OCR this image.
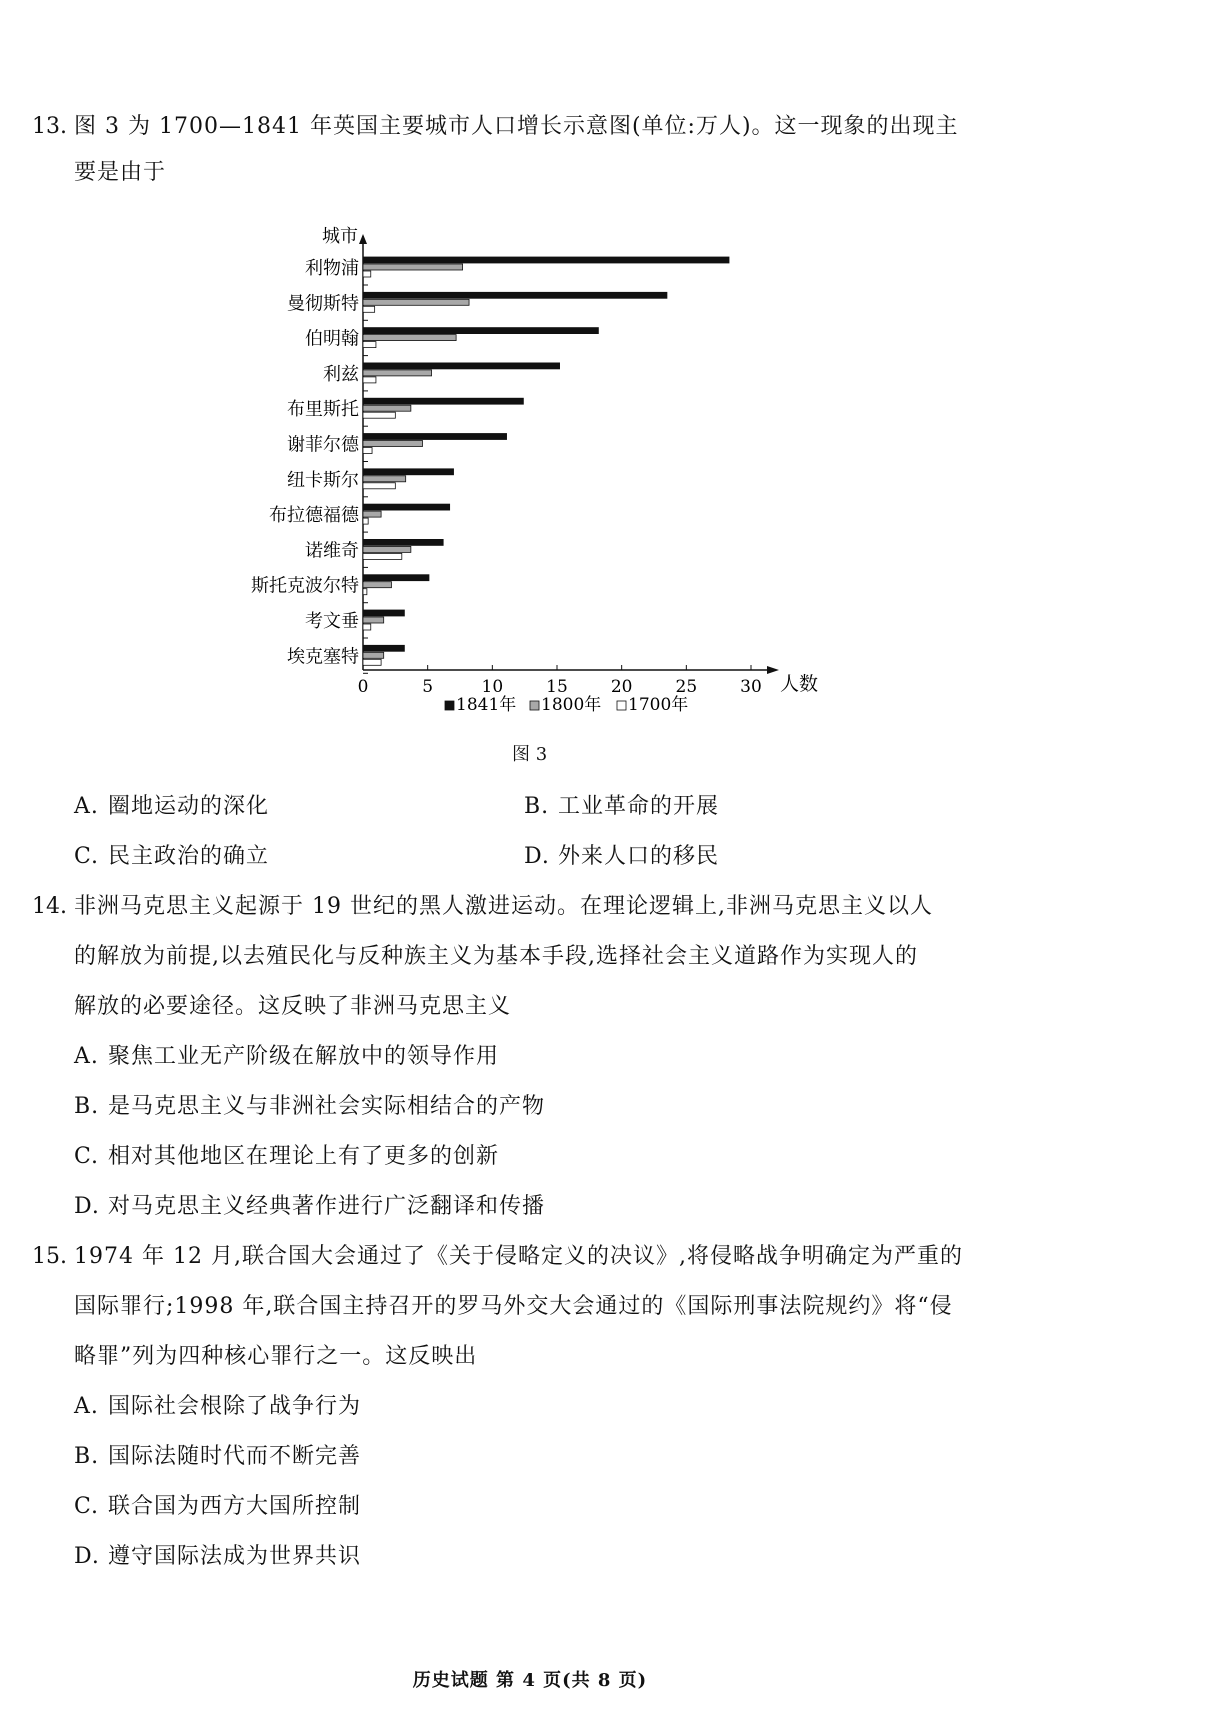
13. 图 3 为 1700—1841 年英国主要城市人口增长示意图(单位:万人)。这一现象的出现主
要是由于
城市
人数
0	5	10	15	20	25	30
利物浦
曼彻斯特
伯明翰
利兹
布里斯托
谢菲尔德
纽卡斯尔
布拉德福德
诺维奇
斯托克波尔特
考文垂
埃克塞特
1841年 1800年 1700年
图 3
A. 圈地运动的深化	B. 工业革命的开展
C. 民主政治的确立	D. 外来人口的移民
14. 非洲马克思主义起源于 19 世纪的黑人激进运动。在理论逻辑上,非洲马克思主义以人
的解放为前提,以去殖民化与反种族主义为基本手段,选择社会主义道路作为实现人的
解放的必要途径。这反映了非洲马克思主义
A. 聚焦工业无产阶级在解放中的领导作用
B. 是马克思主义与非洲社会实际相结合的产物
C. 相对其他地区在理论上有了更多的创新
D. 对马克思主义经典著作进行广泛翻译和传播
15. 1974 年 12 月,联合国大会通过了《关于侵略定义的决议》,将侵略战争明确定为严重的
国际罪行;1998 年,联合国主持召开的罗马外交大会通过的《国际刑事法院规约》将“侵
略罪”列为四种核心罪行之一。这反映出
A. 国际社会根除了战争行为
B. 国际法随时代而不断完善
C. 联合国为西方大国所控制
D. 遵守国际法成为世界共识
历史试题 第 4 页(共 8 页)
